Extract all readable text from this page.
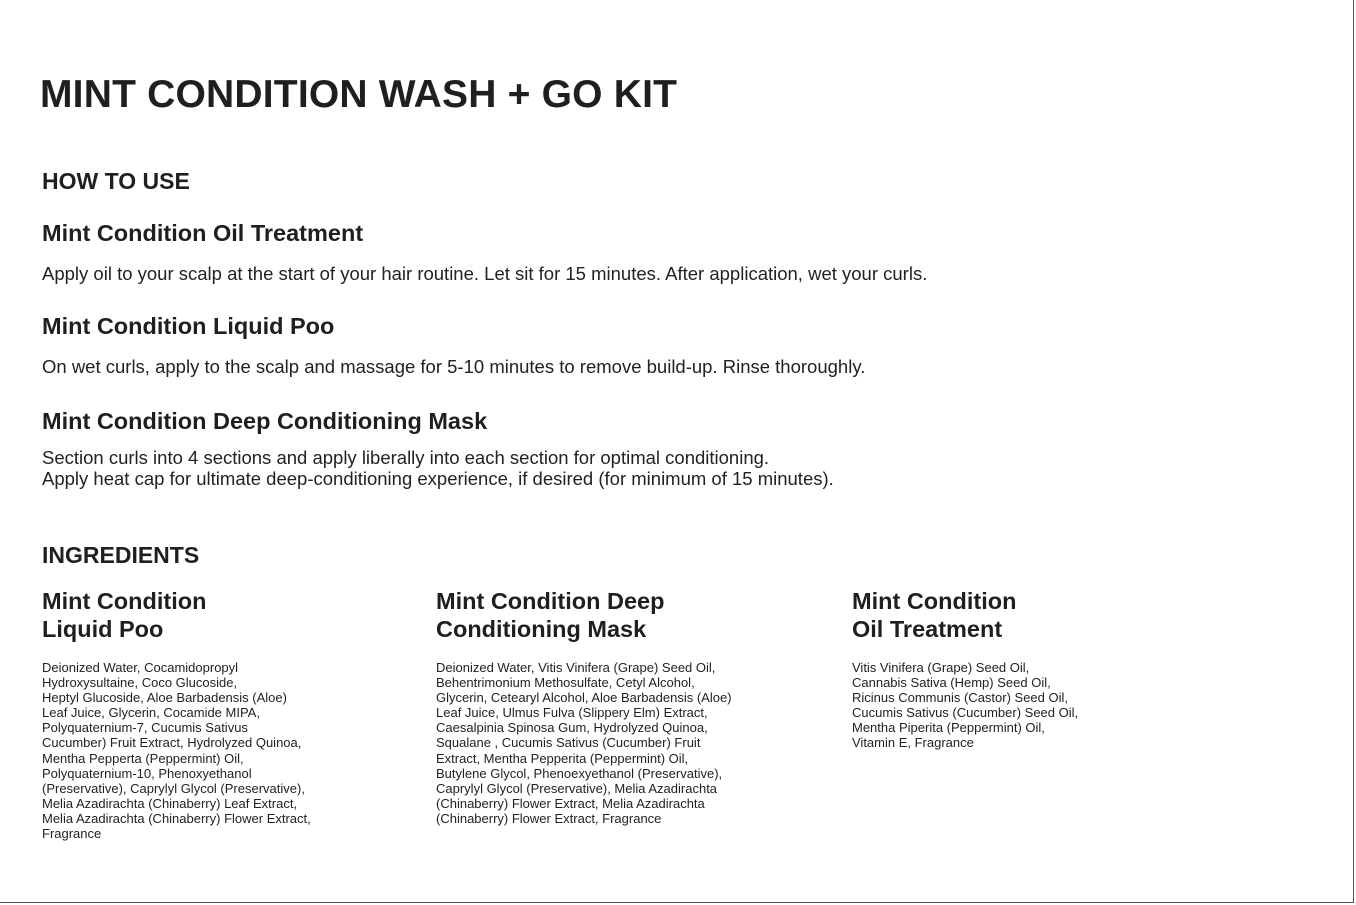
MINT CONDITION WASH + GO KIT
HOW TO USE
Mint Condition Oil Treatment

Apply oil to your scalp at the start of your hair routine. Let sit for 15 minutes. After application, wet your curls.

Mint Condition Liquid Poo

On wet curls, apply to the scalp and massage for 5-10 minutes to remove build-up. Rinse thoroughly.

Mint Condition Deep Conditioning Mask

Section curls into 4 sections and apply liberally into each section for optimal conditioning.

Apply heat cap for ultimate deep-conditioning experience, if desired (for minimum of 15 minutes).

INGREDIENTS
Mint Condition
Liquid Poo

Deionized Water, Cocamidopropyl
Hydroxysultaine, Coco Glucoside,
Heptyl Glucoside, Aloe Barbadensis (Aloe)
Leaf Juice, Glycerin, Cocamide MIPA,
Polyquaternium-7, Cucumis Sativus
Cucumber) Fruit Extract, Hydrolyzed Quinoa,
Mentha Pepperta (Peppermint) Oil,
Polyquaternium-10, Phenoxyethanol
(Preservative), Caprylyl Glycol (Preservative),
Melia Azadirachta (Chinaberry) Leaf Extract,
Melia Azadirachta (Chinaberry) Flower Extract,
Fragrance

Mint Condition Deep
Conditioning Mask

Deionized Water, Vitis Vinifera (Grape) Seed Oil,
Behentrimonium Methosulfate, Cetyl Alcohol,
Glycerin, Cetearyl Alcohol, Aloe Barbadensis (Aloe)
Leaf Juice, Ulmus Fulva (Slippery Elm) Extract,
Caesalpinia Spinosa Gum, Hydrolyzed Quinoa,
Squalane , Cucumis Sativus (Cucumber) Fruit
Extract, Mentha Pepperita (Peppermint) Oil,
Butylene Glycol, Phenoexyethanol (Preservative),
Caprylyl Glycol (Preservative), Melia Azadirachta
(Chinaberry) Flower Extract, Melia Azadirachta
(Chinaberry) Flower Extract, Fragrance

Mint Condition
Oil Treatment

Vitis Vinifera (Grape) Seed Oil,
Cannabis Sativa (Hemp) Seed Oil,
Ricinus Communis (Castor) Seed Oil,
Cucumis Sativus (Cucumber) Seed Oil,
Mentha Piperita (Peppermint) Oil,
Vitamin E, Fragrance
